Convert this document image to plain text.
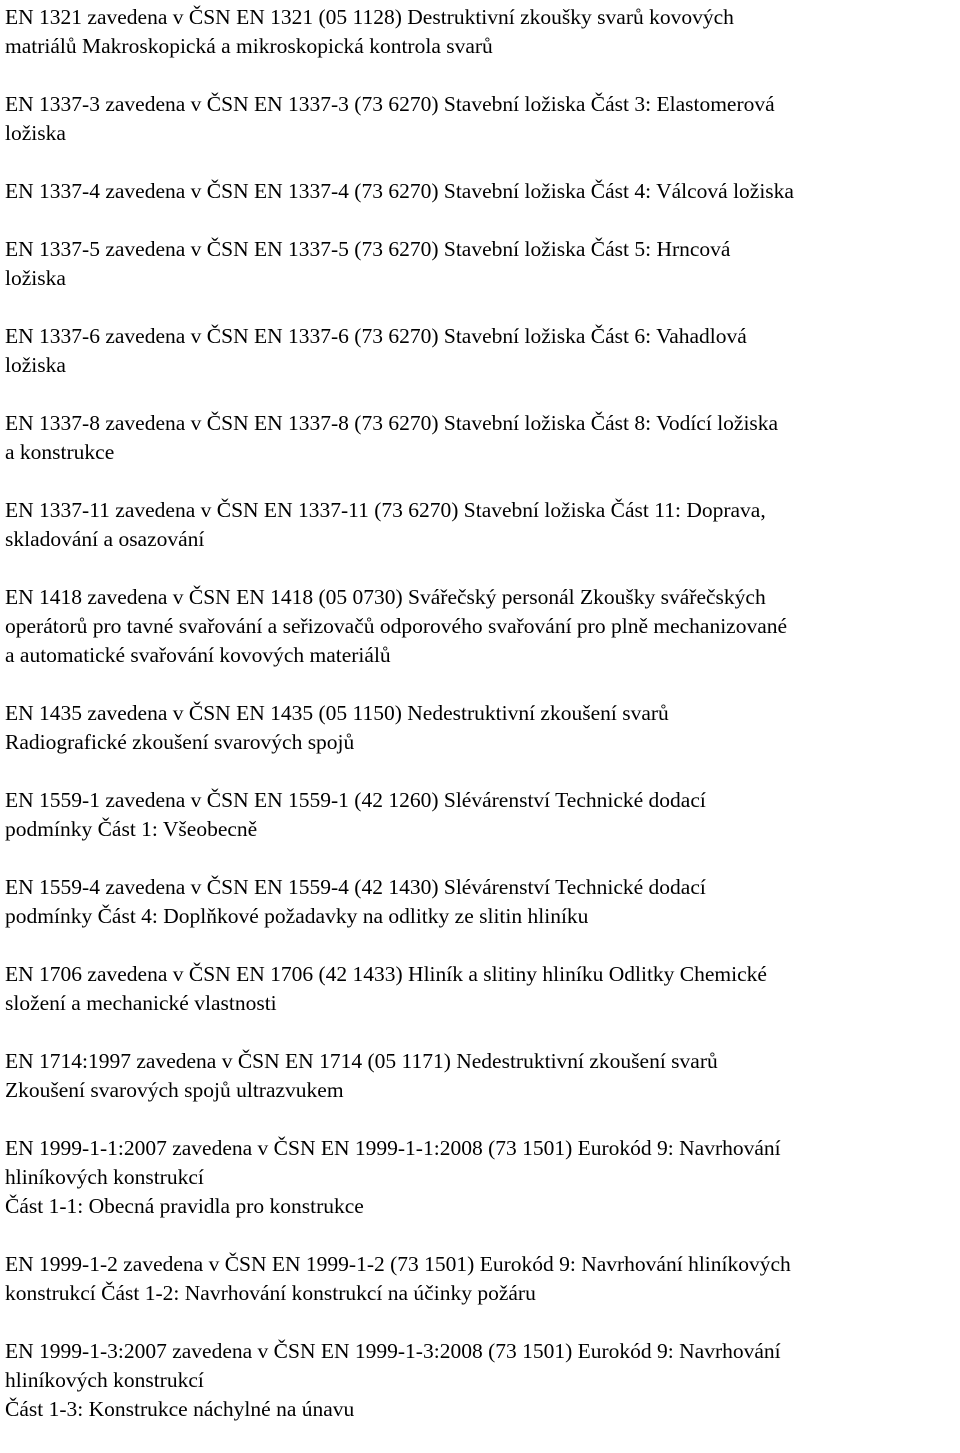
EN 1321 zavedena v ČSN EN 1321 (05 1128) Destruktivní zkoušky svarů kovových
matriálů Makroskopická a mikroskopická kontrola svarů
EN 1337-3 zavedena v ČSN EN 1337-3 (73 6270) Stavební ložiska Část 3: Elastomerová
ložiska
EN 1337-4 zavedena v ČSN EN 1337-4 (73 6270) Stavební ložiska Část 4: Válcová ložiska
EN 1337-5 zavedena v ČSN EN 1337-5 (73 6270) Stavební ložiska Část 5: Hrncová
ložiska
EN 1337-6 zavedena v ČSN EN 1337-6 (73 6270) Stavební ložiska Část 6: Vahadlová
ložiska
EN 1337-8 zavedena v ČSN EN 1337-8 (73 6270) Stavební ložiska Část 8: Vodící ložiska
a konstrukce
EN 1337-11 zavedena v ČSN EN 1337-11 (73 6270) Stavební ložiska Část 11: Doprava,
skladování a osazování
EN 1418 zavedena v ČSN EN 1418 (05 0730) Svářečský personál Zkoušky svářečských
operátorů pro tavné svařování a seřizovačů odporového svařování pro plně mechanizované
a automatické svařování kovových materiálů
EN 1435 zavedena v ČSN EN 1435 (05 1150) Nedestruktivní zkoušení svarů
Radiografické zkoušení svarových spojů
EN 1559-1 zavedena v ČSN EN 1559-1 (42 1260) Slévárenství Technické dodací
podmínky Část 1: Všeobecně
EN 1559-4 zavedena v ČSN EN 1559-4 (42 1430) Slévárenství Technické dodací
podmínky Část 4: Doplňkové požadavky na odlitky ze slitin hliníku
EN 1706 zavedena v ČSN EN 1706 (42 1433) Hliník a slitiny hliníku Odlitky Chemické
složení a mechanické vlastnosti
EN 1714:1997 zavedena v ČSN EN 1714 (05 1171) Nedestruktivní zkoušení svarů
Zkoušení svarových spojů ultrazvukem
EN 1999-1-1:2007 zavedena v ČSN EN 1999-1-1:2008 (73 1501) Eurokód 9: Navrhování
hliníkových konstrukcí
Část 1-1: Obecná pravidla pro konstrukce
EN 1999-1-2 zavedena v ČSN EN 1999-1-2 (73 1501) Eurokód 9: Navrhování hliníkových
konstrukcí Část 1-2: Navrhování konstrukcí na účinky požáru
EN 1999-1-3:2007 zavedena v ČSN EN 1999-1-3:2008 (73 1501) Eurokód 9: Navrhování
hliníkových konstrukcí
Část 1-3: Konstrukce náchylné na únavu
